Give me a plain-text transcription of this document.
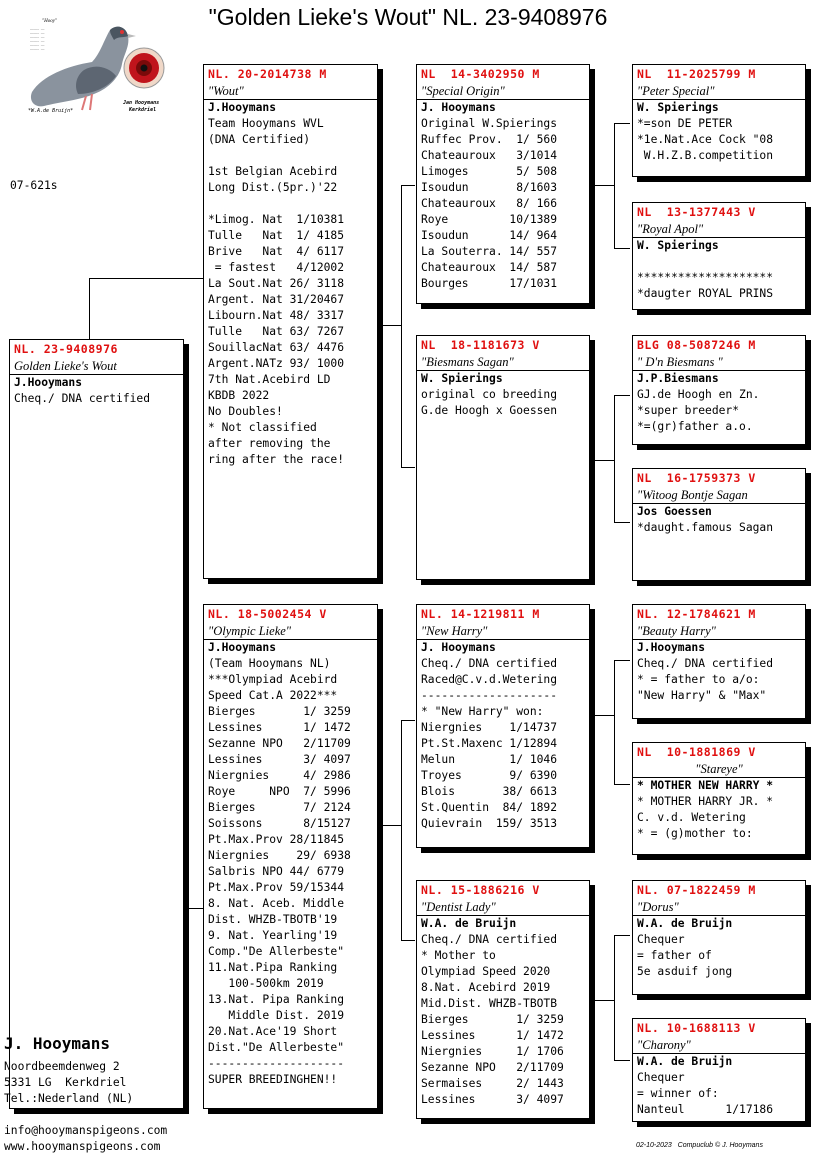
"Golden Lieke's Wout" NL. 23-9408976
"Hooy"
————— ——
————— ——
————— ——
————— ——
————— ——
————— ——
*W.A.de Bruijn*
Jan Hooymans
Kerkdriel
07-621s
NL. 23-9408976
Golden Lieke's Wout
J.Hooymans
Cheq./ DNA certified
NL. 20-2014738 M
"Wout"
J.Hooymans
Team Hooymans WVL
(DNA Certified)
1st Belgian Acebird
Long Dist.(5pr.)'22
*Limog. Nat  1/10381
Tulle   Nat  1/ 4185
Brive   Nat  4/ 6117
= fastest   4/12002
La Sout.Nat 26/ 3118
Argent. Nat 31/20467
Libourn.Nat 48/ 3317
Tulle   Nat 63/ 7267
SouillacNat 63/ 4476
Argent.NATz 93/ 1000
7th Nat.Acebird LD
KBDB 2022
No Doubles!
* Not classified
after removing the
ring after the race!
NL. 18-5002454 V
"Olympic Lieke"
J.Hooymans
(Team Hooymans NL)
***Olympiad Acebird
Speed Cat.A 2022***
Bierges       1/ 3259
Lessines      1/ 1472
Sezanne NPO   2/11709
Lessines      3/ 4097
Niergnies     4/ 2986
Roye     NPO  7/ 5996
Bierges       7/ 2124
Soissons      8/15127
Pt.Max.Prov 28/11845
Niergnies    29/ 6938
Salbris NPO 44/ 6779
Pt.Max.Prov 59/15344
8. Nat. Aceb. Middle
Dist. WHZB-TBOTB'19
9. Nat. Yearling'19
Comp."De Allerbeste"
11.Nat.Pipa Ranking
100-500km 2019
13.Nat. Pipa Ranking
Middle Dist. 2019
20.Nat.Ace'19 Short
Dist."De Allerbeste"
--------------------
SUPER BREEDINGHEN!!
NL  14-3402950 M
"Special Origin"
J. Hooymans
Original W.Spierings
Ruffec Prov.  1/ 560
Chateauroux   3/1014
Limoges       5/ 508
Isoudun       8/1603
Chateauroux   8/ 166
Roye         10/1389
Isoudun      14/ 964
La Souterra. 14/ 557
Chateauroux  14/ 587
Bourges      17/1031
NL  18-1181673 V
"Biesmans Sagan"
W. Spierings
original co breeding
G.de Hoogh x Goessen
NL. 14-1219811 M
"New Harry"
J. Hooymans
Cheq./ DNA certified
Raced@C.v.d.Wetering
--------------------
* "New Harry" won:
Niergnies    1/14737
Pt.St.Maxenc 1/12894
Melun        1/ 1046
Troyes       9/ 6390
Blois       38/ 6613
St.Quentin  84/ 1892
Quievrain  159/ 3513
NL. 15-1886216 V
"Dentist Lady"
W.A. de Bruijn
Cheq./ DNA certified
* Mother to
Olympiad Speed 2020
8.Nat. Acebird 2019
Mid.Dist. WHZB-TBOTB
Bierges       1/ 3259
Lessines      1/ 1472
Niergnies     1/ 1706
Sezanne NPO   2/11709
Sermaises     2/ 1443
Lessines      3/ 4097
NL  11-2025799 M
"Peter Special"
W. Spierings
*=son DE PETER
*1e.Nat.Ace Cock "08
W.H.Z.B.competition
NL  13-1377443 V
"Royal Apol"
W. Spierings
********************
*daugter ROYAL PRINS
BLG 08-5087246 M
" D'n Biesmans "
J.P.Biesmans
GJ.de Hoogh en Zn.
*super breeder*
*=(gr)father a.o.
NL  16-1759373 V
"Witoog Bontje Sagan
Jos Goessen
*daught.famous Sagan
NL. 12-1784621 M
"Beauty Harry"
J.Hooymans
Cheq./ DNA certified
* = father to a/o:
"New Harry" & "Max"
NL  10-1881869 V
"Stareye"
* MOTHER NEW HARRY *
* MOTHER HARRY JR. *
C. v.d. Wetering
* = (g)mother to:
NL. 07-1822459 M
"Dorus"
W.A. de Bruijn
Chequer
= father of
5e asduif jong
NL. 10-1688113 V
"Charony"
W.A. de Bruijn
Chequer
= winner of:
Nanteul      1/17186
J. Hooymans
Noordbeemdenweg 2
5331 LG  Kerkdriel
Tel.:Nederland (NL)
info@hooymanspigeons.com
www.hooymanspigeons.com	02-10-2023   Compuclub © J. Hooymans
